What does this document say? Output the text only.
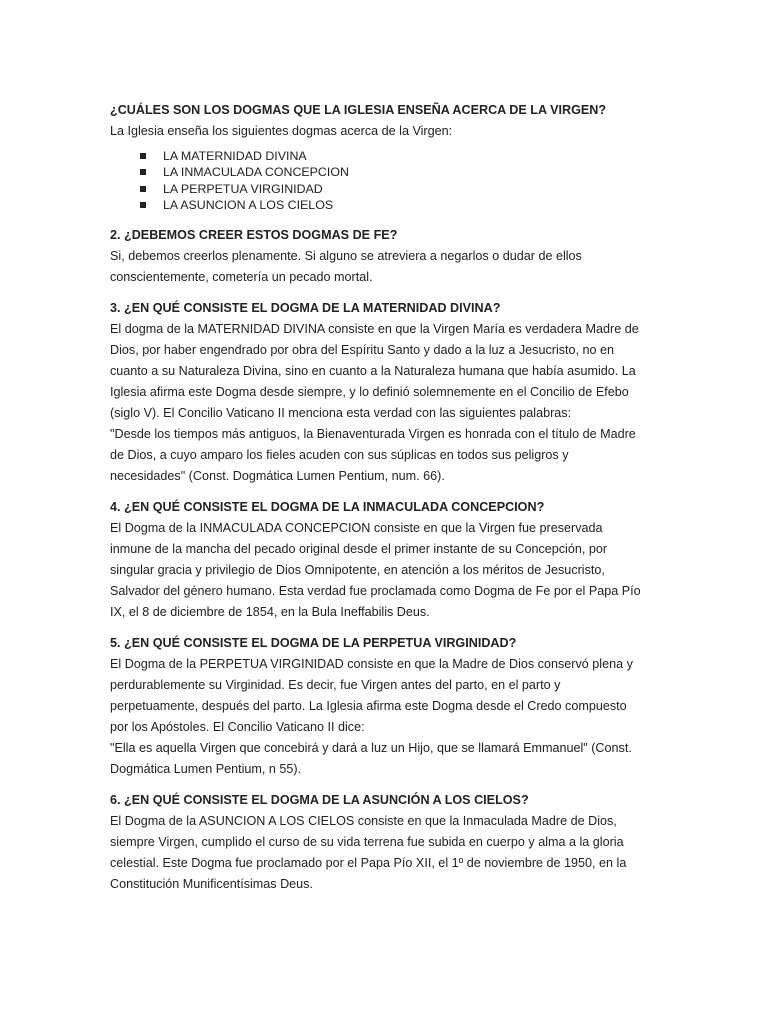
¿CUÁLES SON LOS DOGMAS QUE LA IGLESIA ENSEÑA ACERCA DE LA VIRGEN?

La Iglesia enseña los siguientes dogmas acerca de la Virgen:

LA MATERNIDAD DIVINA
LA INMACULADA CONCEPCION
LA PERPETUA VIRGINIDAD
LA ASUNCION A LOS CIELOS

2. ¿DEBEMOS CREER ESTOS DOGMAS DE FE?

Si, debemos creerlos plenamente. Si alguno se atreviera a negarlos o dudar de ellos
conscientemente, cometería un pecado mortal.

3. ¿EN QUÉ CONSISTE EL DOGMA DE LA MATERNIDAD DIVINA?

El dogma de la MATERNIDAD DIVINA consiste en que la Virgen María es verdadera Madre de
Dios, por haber engendrado por obra del Espíritu Santo y dado a la luz a Jesucristo, no en
cuanto a su Naturaleza Divina, sino en cuanto a la Naturaleza humana que había asumido. La
Iglesia afirma este Dogma desde siempre, y lo definió solemnemente en el Concilio de Efebo
(siglo V). El Concilio Vaticano II menciona esta verdad con las siguientes palabras:
"Desde los tiempos más antiguos, la Bienaventurada Virgen es honrada con el título de Madre
de Dios, a cuyo amparo los fieles acuden con sus súplicas en todos sus peligros y
necesidades" (Const. Dogmática Lumen Pentium, num. 66).

4. ¿EN QUÉ CONSISTE EL DOGMA DE LA INMACULADA CONCEPCION?

El Dogma de la INMACULADA CONCEPCION consiste en que la Virgen fue preservada
inmune de la mancha del pecado original desde el primer instante de su Concepción, por
singular gracia y privilegio de Dios Omnipotente, en atención a los méritos de Jesucristo,
Salvador del género humano. Esta verdad fue proclamada como Dogma de Fe por el Papa Pío
IX, el 8 de diciembre de 1854, en la Bula Ineffabilis Deus.

5. ¿EN QUÉ CONSISTE EL DOGMA DE LA PERPETUA VIRGINIDAD?

El Dogma de la PERPETUA VIRGINIDAD consiste en que la Madre de Dios conservó plena y
perdurablemente su Virginidad. Es decir, fue Virgen antes del parto, en el parto y
perpetuamente, después del parto. La Iglesia afirma este Dogma desde el Credo compuesto
por los Apóstoles. El Concilio Vaticano II dice:
"Ella es aquella Virgen que concebirá y dará a luz un Hijo, que se llamará Emmanuel" (Const.
Dogmática Lumen Pentium, n 55).

6. ¿EN QUÉ CONSISTE EL DOGMA DE LA ASUNCIÓN A LOS CIELOS?

El Dogma de la ASUNCION A LOS CIELOS consiste en que la Inmaculada Madre de Dios,
siempre Virgen, cumplido el curso de su vida terrena fue subida en cuerpo y alma a la gloria
celestial. Este Dogma fue proclamado por el Papa Pío XII, el 1º de noviembre de 1950, en la
Constitución Munificentísimas Deus.
